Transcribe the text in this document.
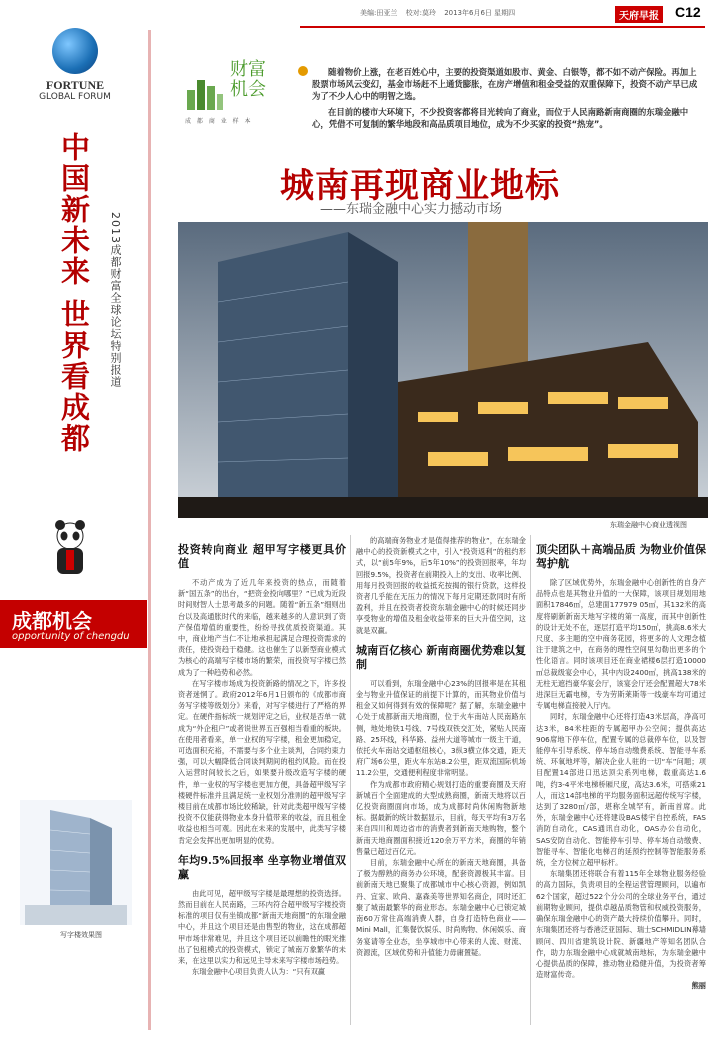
美编:田亚兰 校对:莫玲 2013年6月6日 星期四	天府早报 C12
FORTUNE
GLOBAL FORUM
财富机会
成 都 商 业 样 本

随着物价上涨，在老百姓心中，主要的投资渠道如股市、黄金、白银等，都不如不动产保险。再加上股票市场风云变幻，基金市场赶不上通货膨胀，在房产增值和租金受益的双重保障下，投资不动产早已成为了不少人心中的明智之选。

在目前的楼市大环境下，不少投资客都将目光转向了商业，而位于人民南路新南商圈的东瑞金融中心，凭借不可复制的繁华地段和高品质项目地位，成为不少买家的投资“热宠”。

中国新未来 世界看成都 2013成都财富全球论坛特别报道
成都机会
opportunity of chengdu
写字楼效果图
城南再现商业地标
——东瑞金融中心实力撼动市场
东瑞金融中心商业透视图
投资转向商业 超甲写字楼更具价值

不动产成为了近几年来投资的热点，而随着新“国五条”的出台，“把资金投向哪里？”已成为近段时间财智人士思考最多的问题。随着“新五条”细则出台以及高通胀时代的来临，越来越多的人意识到了资产保值增值的重要性，纷纷寻找优质投资渠道。其中，商业地产当仁不让地承担起满足合理投资需求的责任，使投资趋于稳健。这也催生了以新型商业模式为核心的高端写字楼市场的繁荣，而投资写字楼已然成为了一种趋势和必然。

在写字楼市场成为投资新路的情况之下，许多投资者迷惘了。政府2012年6月1日颁布的《成都市商务写字楼等级划分》来看，对写字楼进行了严格的界定。在硬件指标统一规划评定之后，业权是否单一就成为“外企租户”或者说世界五百强相当看重的板块。在使用者看来，单一业权的写字楼，租金更加稳定，可选面积充裕，不需要与多个业主谈判，合同约束力强，可以大幅降低合同谈判期间的租约风险。而在投入运营时间较长之后，如果要升级改造写字楼的硬件，单一业权的写字楼也更加方便，具备超甲级写字楼硬件标准并且满足统一业权划分准则的超甲级写字楼目前在成都市场比较稀缺，针对此类超甲级写字楼投资不仅能获得物业本身升值带来的收益，而且租金收益也相当可观。因此在未来的发展中，此类写字楼肯定会发挥出更加明显的优势。

年均9.5%回报率 坐享物业增值双赢

由此可见，超甲级写字楼是最理想的投资选择。然而目前在人民南路，三环内符合超甲级写字楼投资标准的项目仅有坐镇成都“新南天地商圈”的东瑞金融中心，并且这个项目还是由售型的物业，这在成都超甲市场非常难见，并且这个项目还以前瞻性的眼光推出了包租模式的投资模式，锁定了城南万象繁华的未来，在这里以实力和远见主导未来写字楼市场趋势。

东瑞金融中心项目负责人认为：“只有双赢

的高端商务物业才是值得推荐的物业”，在东瑞金融中心的投资新模式之中，引入“投资返利”的租约形式，以“前5年9%，后5年10%”的投资回报率，年均回报9.5%，投资者在前期投入上的支出、收率比例、用每月投资回报的收益抵充按揭的银行贷款，这样投资者几乎能在无压力的情况下每月定期还款同时有所盈利，并且在投资者投资东瑞金融中心的时候还同步享受物业的增值及租金收益带来的巨大升值空间，这就是双赢。

城南百亿核心 新南商圈优势难以复制

可以看到，东瑞金融中心23%的回报率是在其租金与物业升值保证的前提下计算的，而其物业价值与租金又如何得到有效的保障呢？据了解，东瑞金融中心处于成都新南天地商圈，位于火车南站人民南路东侧，地处地铁1号线、7号线双铁交汇处，紧贴人民南路、25环线，科华路、益州大道等城市一级主干道，依托火车南站交通枢纽核心，3纵3横立体交通，距天府广场6公里，距火车东站8.2公里，距双流国际机场11.2公里，交通便利程度非常明显。

作为成都市政府精心规划打造的重要商圈及天府新城百个全面建成的大型成熟商圈，新南天地将以百亿投资商圈面向市场，成为成都时尚休闲购物新地标。据最新的统计数据显示，目前，每天平均有3万名来自四川和周边省市的消费者到新南天地购物，整个新南天地商圈面积接近120余万平方米，商圈的年销售量已超过百亿元。

目前，东瑞金融中心所在的新南天地商圈，具备了极为醇熟的商务办公环境，配套资源极其丰富。目前新南天地已聚集了成都城市中心核心资源，例如凯丹、宜家、欧尚、嘉森美等世界知名商企，同时还汇聚了城南最繁华的商业形态。东瑞金融中心已锁定城南60万常住高端消费人群，自身打造特色商业——Mini Mall，汇集餐饮娱乐、时尚购物、休闲娱乐、商务宴请等全业态，坐享城市中心带来的人流、财流、资源流，区域优势和升值能力毋庸置疑。

顶尖团队＋高端品质 为物业价值保驾护航

除了区域优势外，东瑞金融中心创新性的自身产品特点也是其物业升值的一大保障，该项目规划用地面积17846㎡，总建面177979 05㎡，其132米的高度将刷新新南天地写字楼的第一高度，而其中创新性的设计无处不在，逐层打造平均150㎡，挑高8.6米大尺度、多主题的空中商务花园，将更多的人文理念植注于建筑之中，在商务的理性空间里勾勒出更多的个性化语言。同时该项目还在商业裙楼6层打造10000㎡总裁级宴会中心，其中内设2400㎡，挑高138米的无柱无遮挡豪华宴会厅，该宴会厅还会配置超大78米进深巨无霸电梯，专为劳斯莱斯等一线豪车均可通过专属电梯直接驶入厅内。

同时，东瑞金融中心还将打造43米层高，净高可达3米，84米柱距的专属超甲办公空间；提供高达906席地下停车位，配置专属的总裁停车位，以及智能停车引导系统、停车场自动缴费系统、智能寻车系统、环氧地坪等，解决企业人驻的一切“车”问题；项目配置14部进口迅达顶尖系列电梯，载重高达1.6吨，约3-4平米电梯桥厢尺度，高达3.6米，可搭乘21人，而这14部电梯的平均服务面积远超传统写字楼，达到了3280㎡/部，堪称全城罕有，新南首席。此外，东瑞金融中心还将建设BAS楼宇自控系统，FAS消防自动化，CAS通讯自动化，OAS办公自动化，SAS安防自动化、智能停车引导、停车场自动缴费、智能寻车、智能化电梯召的延预约控制等智能服务系统，全方位树立超甲标杆。

东瑞集团还将联合有着115年全球物业服务经验的高力国际，负责项目的全程运营管理顾问，以遍布62个国家，超过522个分公司的全球业务平台，通过前期物业顾问，提供卓越品质物管和权威投资服务，确保东瑞金融中心的资产最大持续价值攀升。同时，东瑞集团还将与香港泛亚国际、瑞士SCHMIDLIN幕墙顾问、四川省建筑设计院、新疆地产等知名团队合作，助力东瑞金融中心成就城南地标，为东瑞金融中心提供品质的保障，推动物业稳健升值，为投资者筹造财富传奇。

熊丽
